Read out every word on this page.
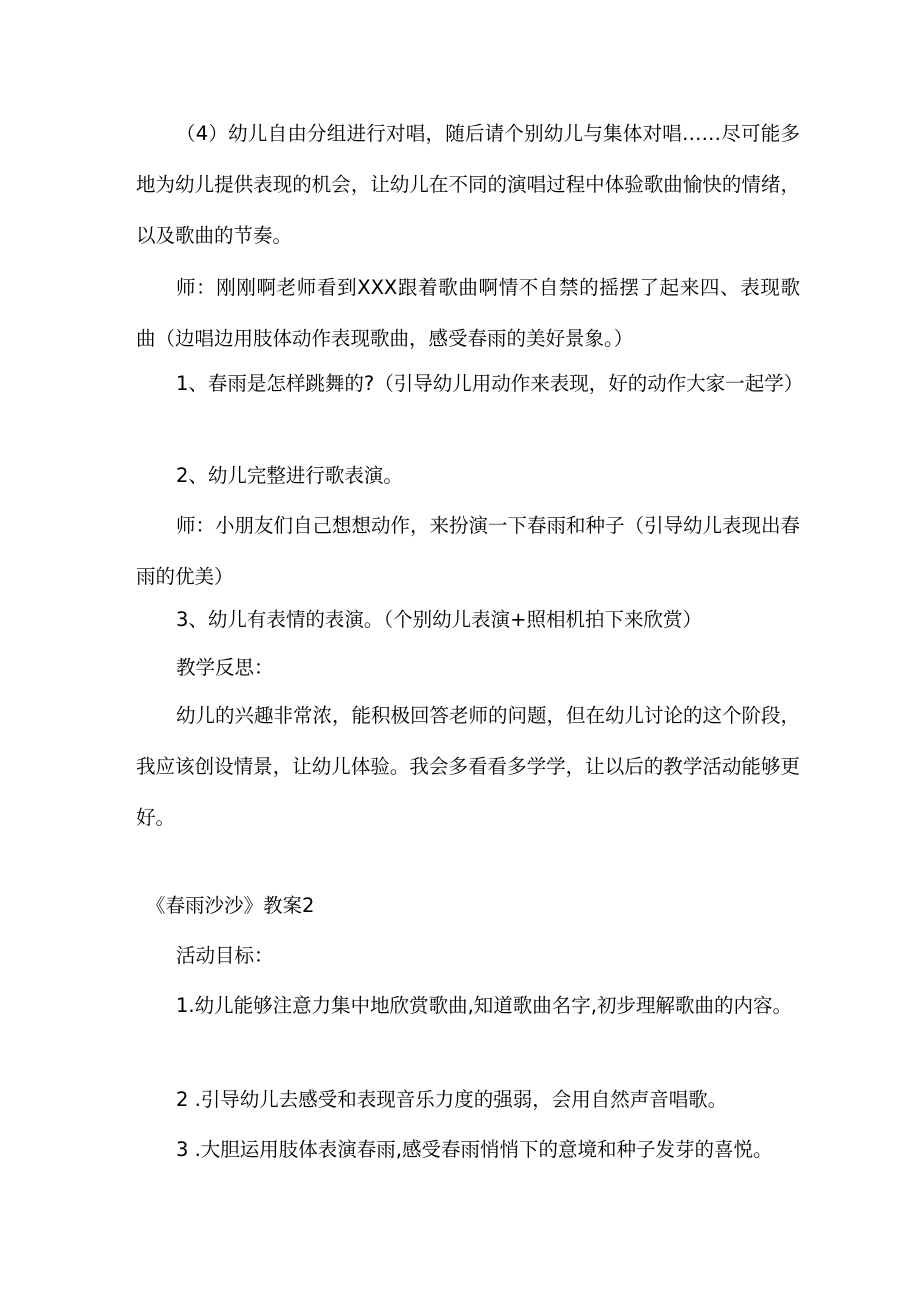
（4）幼儿自由分组进行对唱，随后请个别幼儿与集体对唱……尽可能多地为幼儿提供表现的机会，让幼儿在不同的演唱过程中体验歌曲愉快的情绪，以及歌曲的节奏。

师：刚刚啊老师看到XXX跟着歌曲啊情不自禁的摇摆了起来四、表现歌曲（边唱边用肢体动作表现歌曲，感受春雨的美好景象。）

1、春雨是怎样跳舞的?（引导幼儿用动作来表现，好的动作大家一起学）

2、幼儿完整进行歌表演。

师：小朋友们自己想想动作，来扮演一下春雨和种子（引导幼儿表现出春雨的优美）

3、幼儿有表情的表演。（个别幼儿表演+照相机拍下来欣赏）

教学反思：

幼儿的兴趣非常浓，能积极回答老师的问题，但在幼儿讨论的这个阶段，我应该创设情景，让幼儿体验。我会多看看多学学，让以后的教学活动能够更好。

《春雨沙沙》教案2

活动目标：

1.幼儿能够注意力集中地欣赏歌曲,知道歌曲名字,初步理解歌曲的内容。

2 .引导幼儿去感受和表现音乐力度的强弱，会用自然声音唱歌。

3 .大胆运用肢体表演春雨,感受春雨悄悄下的意境和种子发芽的喜悦。
